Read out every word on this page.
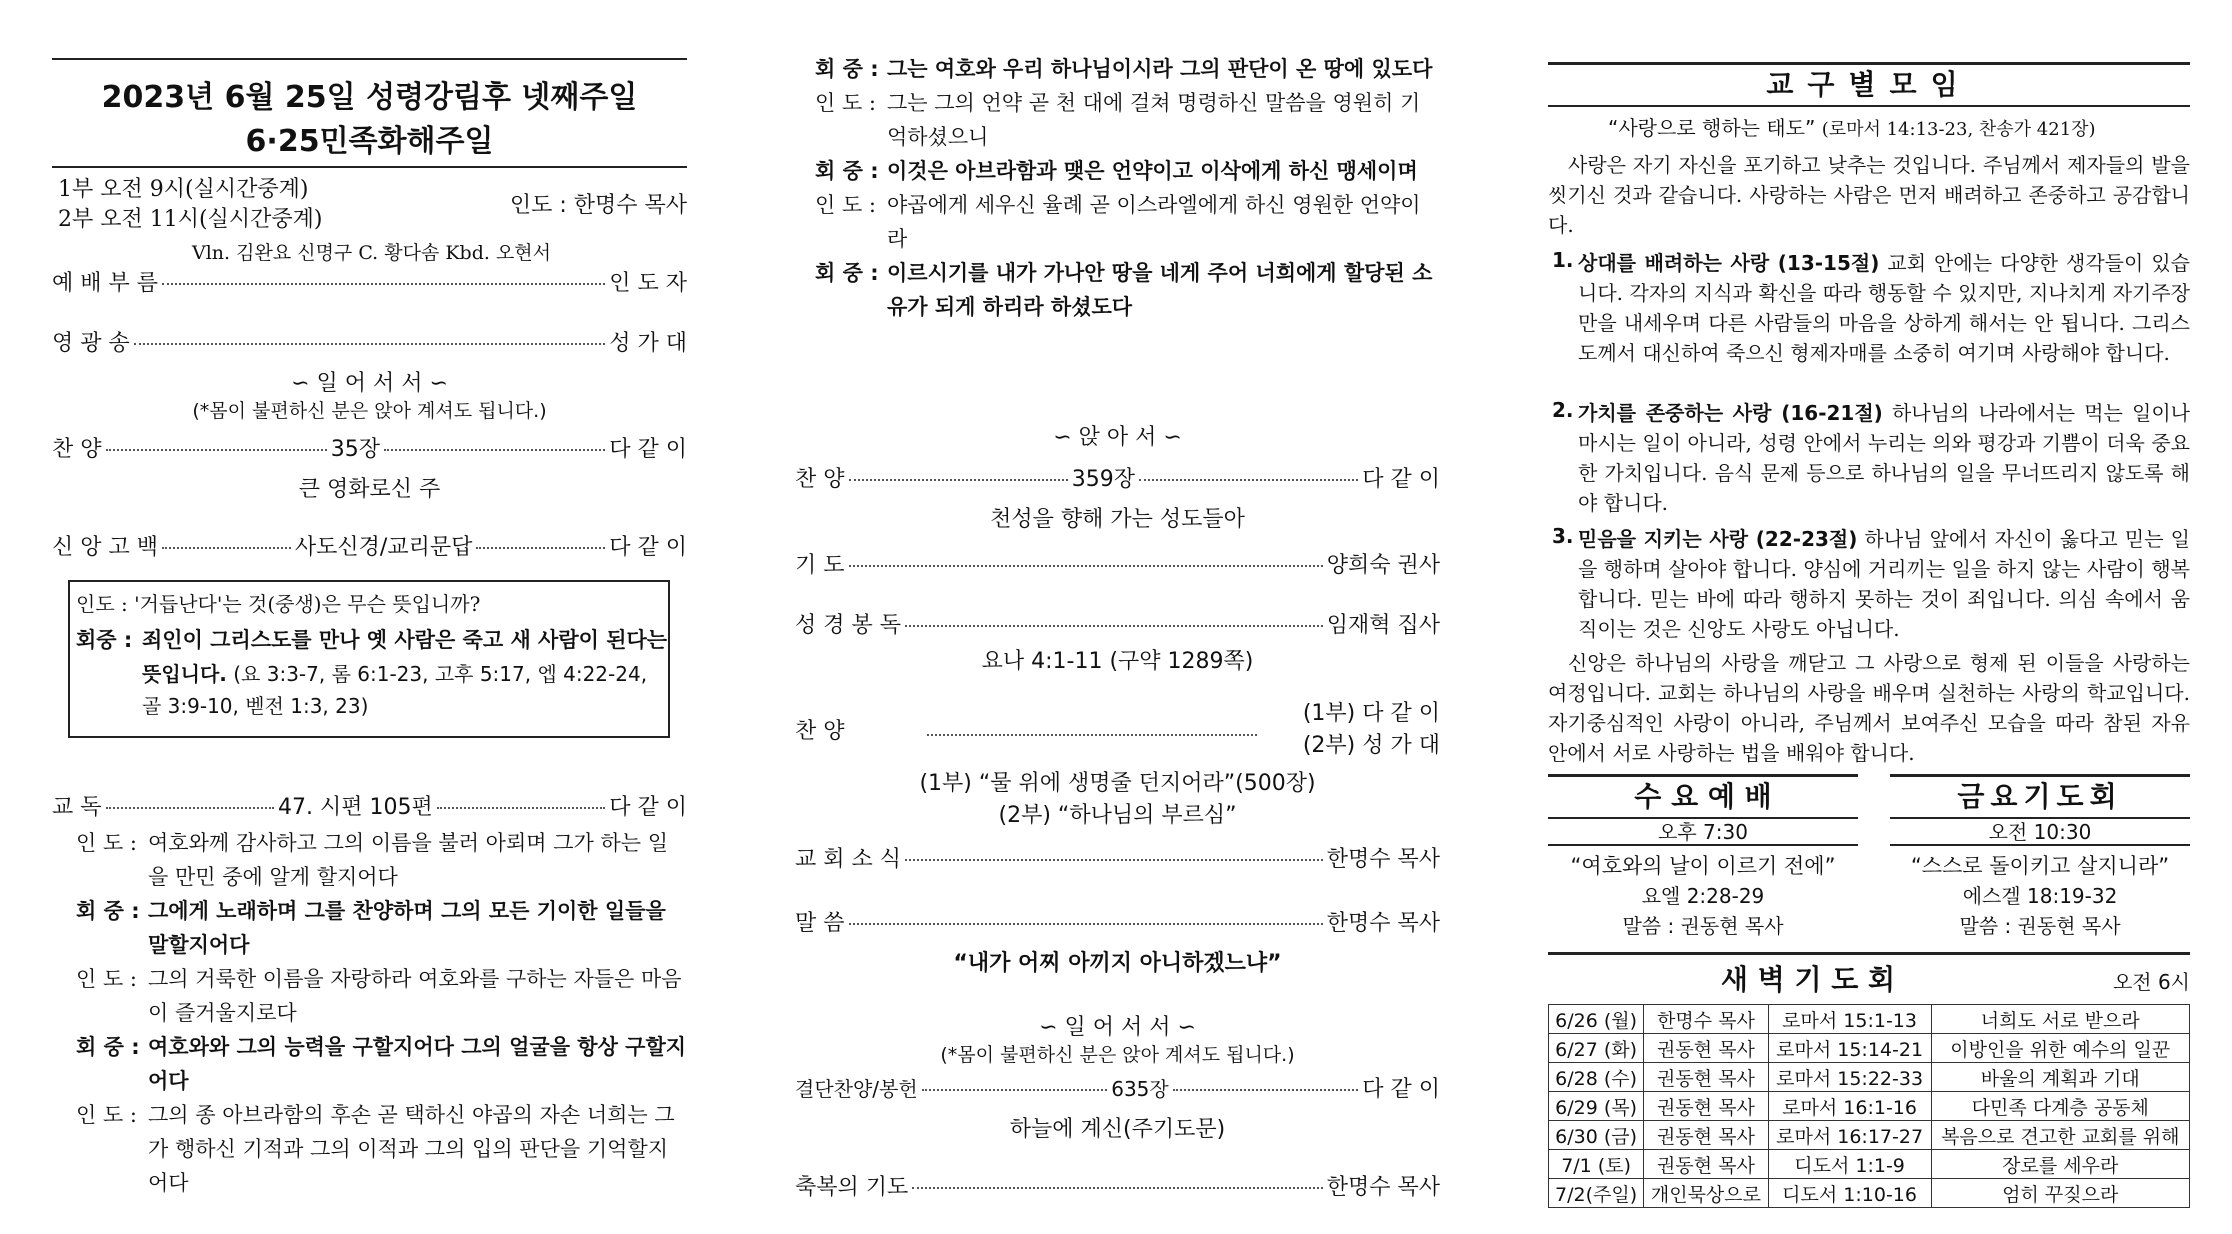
2023년 6월 25일 성령강림후 넷째주일
6·25민족화해주일
1부 오전 9시(실시간중계)
2부 오전 11시(실시간중계)
인도 : 한명수 목사
Vln. 김완요 신명구 C. 황다솜 Kbd. 오현서
예 배 부 름	인 도 자
영 광 송	성 가 대
∽ 일 어 서 서 ∽
(*몸이 불편하신 분은 앉아 계셔도 됩니다.)
찬 양	35장	다 같 이
큰 영화로신 주
신 앙 고 백	사도신경/교리문답	다 같 이
인도 : '거듭난다'는 것(중생)은 무슨 뜻입니까?
회중 : 죄인이 그리스도를 만나 옛 사람은 죽고 새 사람이 된다는
뜻입니다. (요 3:3-7, 롬 6:1-23, 고후 5:17, 엡 4:22-24,
골 3:9-10, 벧전 1:3, 23)
교 독	47. 시편 105편	다 같 이
인 도 : 여호와께 감사하고 그의 이름을 불러 아뢰며 그가 하는 일을 만민 중에 알게 할지어다
회 중 : 그에게 노래하며 그를 찬양하며 그의 모든 기이한 일들을 말할지어다
인 도 : 그의 거룩한 이름을 자랑하라 여호와를 구하는 자들은 마음이 즐거울지로다
회 중 : 여호와와 그의 능력을 구할지어다 그의 얼굴을 항상 구할지어다
인 도 : 그의 종 아브라함의 후손 곧 택하신 야곱의 자손 너희는 그가 행하신 기적과 그의 이적과 그의 입의 판단을 기억할지어다
회 중 : 그는 여호와 우리 하나님이시라 그의 판단이 온 땅에 있도다
인 도 : 그는 그의 언약 곧 천 대에 걸쳐 명령하신 말씀을 영원히 기억하셨으니
회 중 : 이것은 아브라함과 맺은 언약이고 이삭에게 하신 맹세이며
인 도 : 야곱에게 세우신 율례 곧 이스라엘에게 하신 영원한 언약이라
회 중 : 이르시기를 내가 가나안 땅을 네게 주어 너희에게 할당된 소유가 되게 하리라 하셨도다
∽ 앉 아 서 ∽
찬 양	359장	다 같 이
천성을 향해 가는 성도들아
기 도	양희숙 권사
성 경 봉 독	임재혁 집사
요나 4:1-11 (구약 1289쪽)
찬 양
(1부) 다 같 이
(2부) 성 가 대
(1부) “물 위에 생명줄 던지어라”(500장)
(2부) “하나님의 부르심”
교 회 소 식	한명수 목사
말 씀	한명수 목사
“내가 어찌 아끼지 아니하겠느냐”
∽ 일 어 서 서 ∽
(*몸이 불편하신 분은 앉아 계셔도 됩니다.)
결단찬양/봉헌	635장	다 같 이
하늘에 계신(주기도문)
축복의 기도	한명수 목사
교구별모임
“사랑으로 행하는 태도” (로마서 14:13-23, 찬송가 421장)
사랑은 자기 자신을 포기하고 낮추는 것입니다. 주님께서 제자들의 발을 씻기신 것과 같습니다. 사랑하는 사람은 먼저 배려하고 존중하고 공감합니다.
1. 상대를 배려하는 사랑 (13-15절) 교회 안에는 다양한 생각들이 있습니다. 각자의 지식과 확신을 따라 행동할 수 있지만, 지나치게 자기주장만을 내세우며 다른 사람들의 마음을 상하게 해서는 안 됩니다. 그리스도께서 대신하여 죽으신 형제자매를 소중히 여기며 사랑해야 합니다.
2. 가치를 존중하는 사랑 (16-21절) 하나님의 나라에서는 먹는 일이나 마시는 일이 아니라, 성령 안에서 누리는 의와 평강과 기쁨이 더욱 중요한 가치입니다. 음식 문제 등으로 하나님의 일을 무너뜨리지 않도록 해야 합니다.
3. 믿음을 지키는 사랑 (22-23절) 하나님 앞에서 자신이 옳다고 믿는 일을 행하며 살아야 합니다. 양심에 거리끼는 일을 하지 않는 사람이 행복합니다. 믿는 바에 따라 행하지 못하는 것이 죄입니다. 의심 속에서 움직이는 것은 신앙도 사랑도 아닙니다.
신앙은 하나님의 사랑을 깨닫고 그 사랑으로 형제 된 이들을 사랑하는 여정입니다. 교회는 하나님의 사랑을 배우며 실천하는 사랑의 학교입니다. 자기중심적인 사랑이 아니라, 주님께서 보여주신 모습을 따라 참된 자유 안에서 서로 사랑하는 법을 배워야 합니다.
수 요 예 배
오후 7:30
“여호와의 날이 이르기 전에”
요엘 2:28-29
말씀 : 권동현 목사
금요기도회
오전 10:30
“스스로 돌이키고 살지니라”
에스겔 18:19-32
말씀 : 권동현 목사
새 벽 기 도 회	오전 6시
6/26 (월)	한명수 목사	로마서 15:1-13	너희도 서로 받으라
6/27 (화)	권동현 목사	로마서 15:14-21	이방인을 위한 예수의 일꾼
6/28 (수)	권동현 목사	로마서 15:22-33	바울의 계획과 기대
6/29 (목)	권동현 목사	로마서 16:1-16	다민족 다계층 공동체
6/30 (금)	권동현 목사	로마서 16:17-27	복음으로 견고한 교회를 위해
7/1 (토)	권동현 목사	디도서 1:1-9	장로를 세우라
7/2(주일)	개인묵상으로	디도서 1:10-16	엄히 꾸짖으라
